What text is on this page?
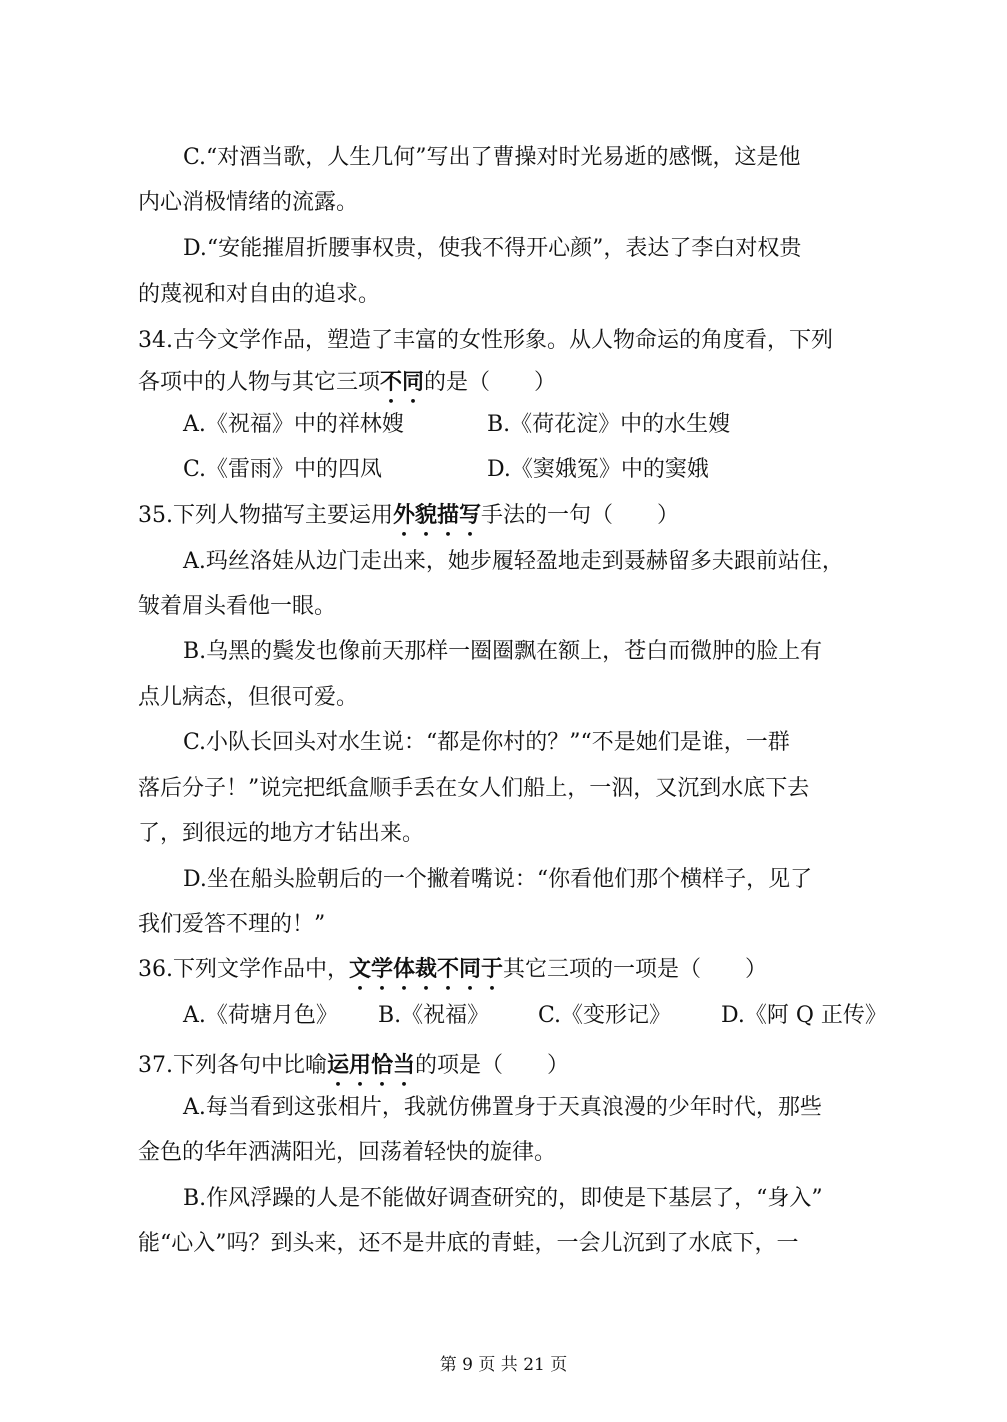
C.“对酒当歌，人生几何”写出了曹操对时光易逝的感慨，这是他
内心消极情绪的流露。
D.“安能摧眉折腰事权贵，使我不得开心颜”，表达了李白对权贵
的蔑视和对自由的追求。
34.古今文学作品，塑造了丰富的女性形象。从人物命运的角度看，下列
各项中的人物与其它三项不同的是（　　）
A.《祝福》中的祥林嫂	B.《荷花淀》中的水生嫂
C.《雷雨》中的四凤	D.《窦娥冤》中的窦娥
35.下列人物描写主要运用外貌描写手法的一句（　　）
A.玛丝洛娃从边门走出来，她步履轻盈地走到聂赫留多夫跟前站住，
皱着眉头看他一眼。
B.乌黑的鬓发也像前天那样一圈圈飘在额上，苍白而微肿的脸上有
点儿病态，但很可爱。
C.小队长回头对水生说：“都是你村的？”“不是她们是谁，一群
落后分子！”说完把纸盒顺手丢在女人们船上，一泅，又沉到水底下去
了，到很远的地方才钻出来。
D.坐在船头脸朝后的一个撇着嘴说：“你看他们那个横样子，见了
我们爱答不理的！”
36.下列文学作品中，文学体裁不同于其它三项的一项是（　　）
A.《荷塘月色》 B.《祝福》 C.《变形记》 D.《阿 Q 正传》
37.下列各句中比喻运用恰当的项是（　　）
A.每当看到这张相片，我就仿佛置身于天真浪漫的少年时代，那些
金色的华年洒满阳光，回荡着轻快的旋律。
B.作风浮躁的人是不能做好调查研究的，即使是下基层了，“身入”
能“心入”吗？到头来，还不是井底的青蛙，一会儿沉到了水底下，一
第 9 页 共 21 页
